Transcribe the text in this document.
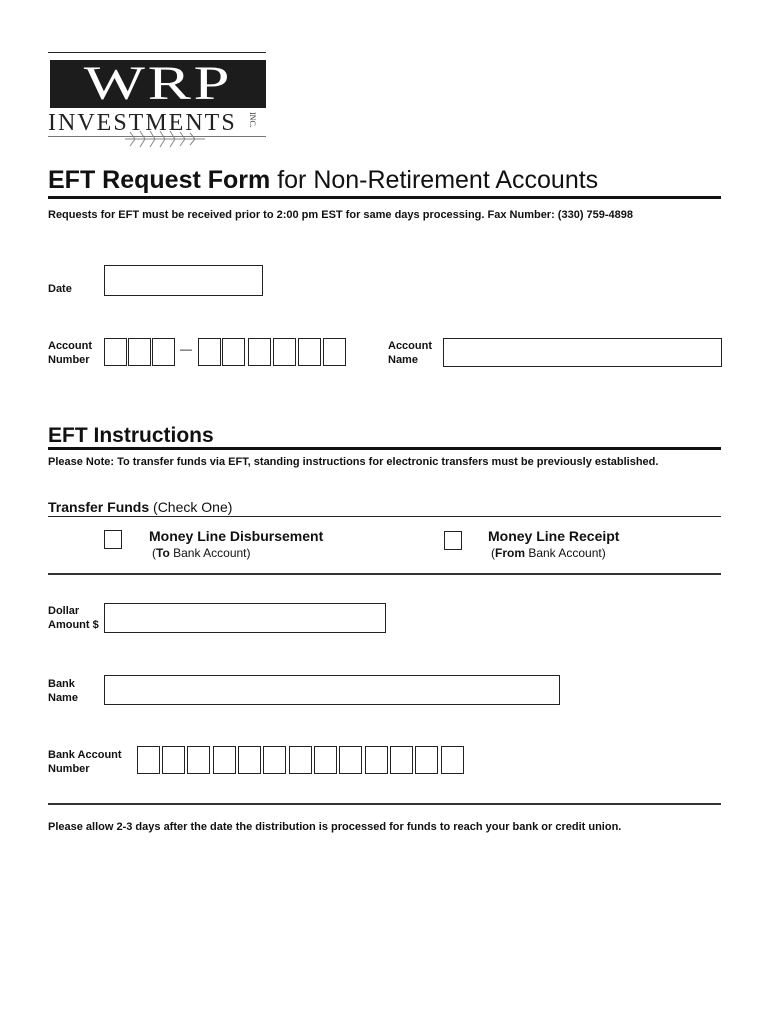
WRP
INVESTMENTS	INC.
EFT Request Form for Non-Retirement Accounts
Requests for EFT must be received prior to 2:00 pm EST for same days processing. Fax Number: (330) 759-4898
Date
Account
Number
—	Account
Name
EFT Instructions
Please Note: To transfer funds via EFT, standing instructions for electronic transfers must be previously established.
Transfer Funds (Check One)
Money Line Disbursement
(To Bank Account)
Money Line Receipt
(From Bank Account)
Dollar
Amount $
Bank
Name
Bank Account
Number
Please allow 2-3 days after the date the distribution is processed for funds to reach your bank or credit union.
